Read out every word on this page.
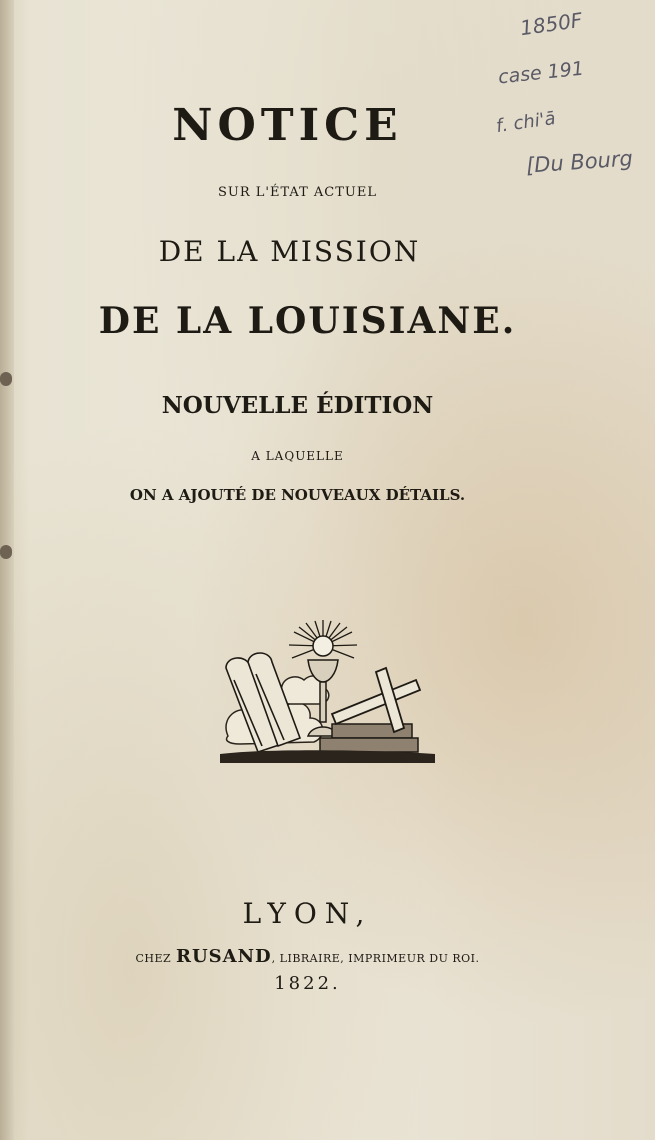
NOTICE
SUR L'ÉTAT ACTUEL
DE LA MISSION
DE LA LOUISIANE.
NOUVELLE ÉDITION
A LAQUELLE
ON A AJOUTÉ DE NOUVEAUX DÉTAILS.
LYON,
CHEZ RUSAND, LIBRAIRE, IMPRIMEUR DU ROI.
1822.
1850F
case 191
f. chi'ā
[Du Bourg
